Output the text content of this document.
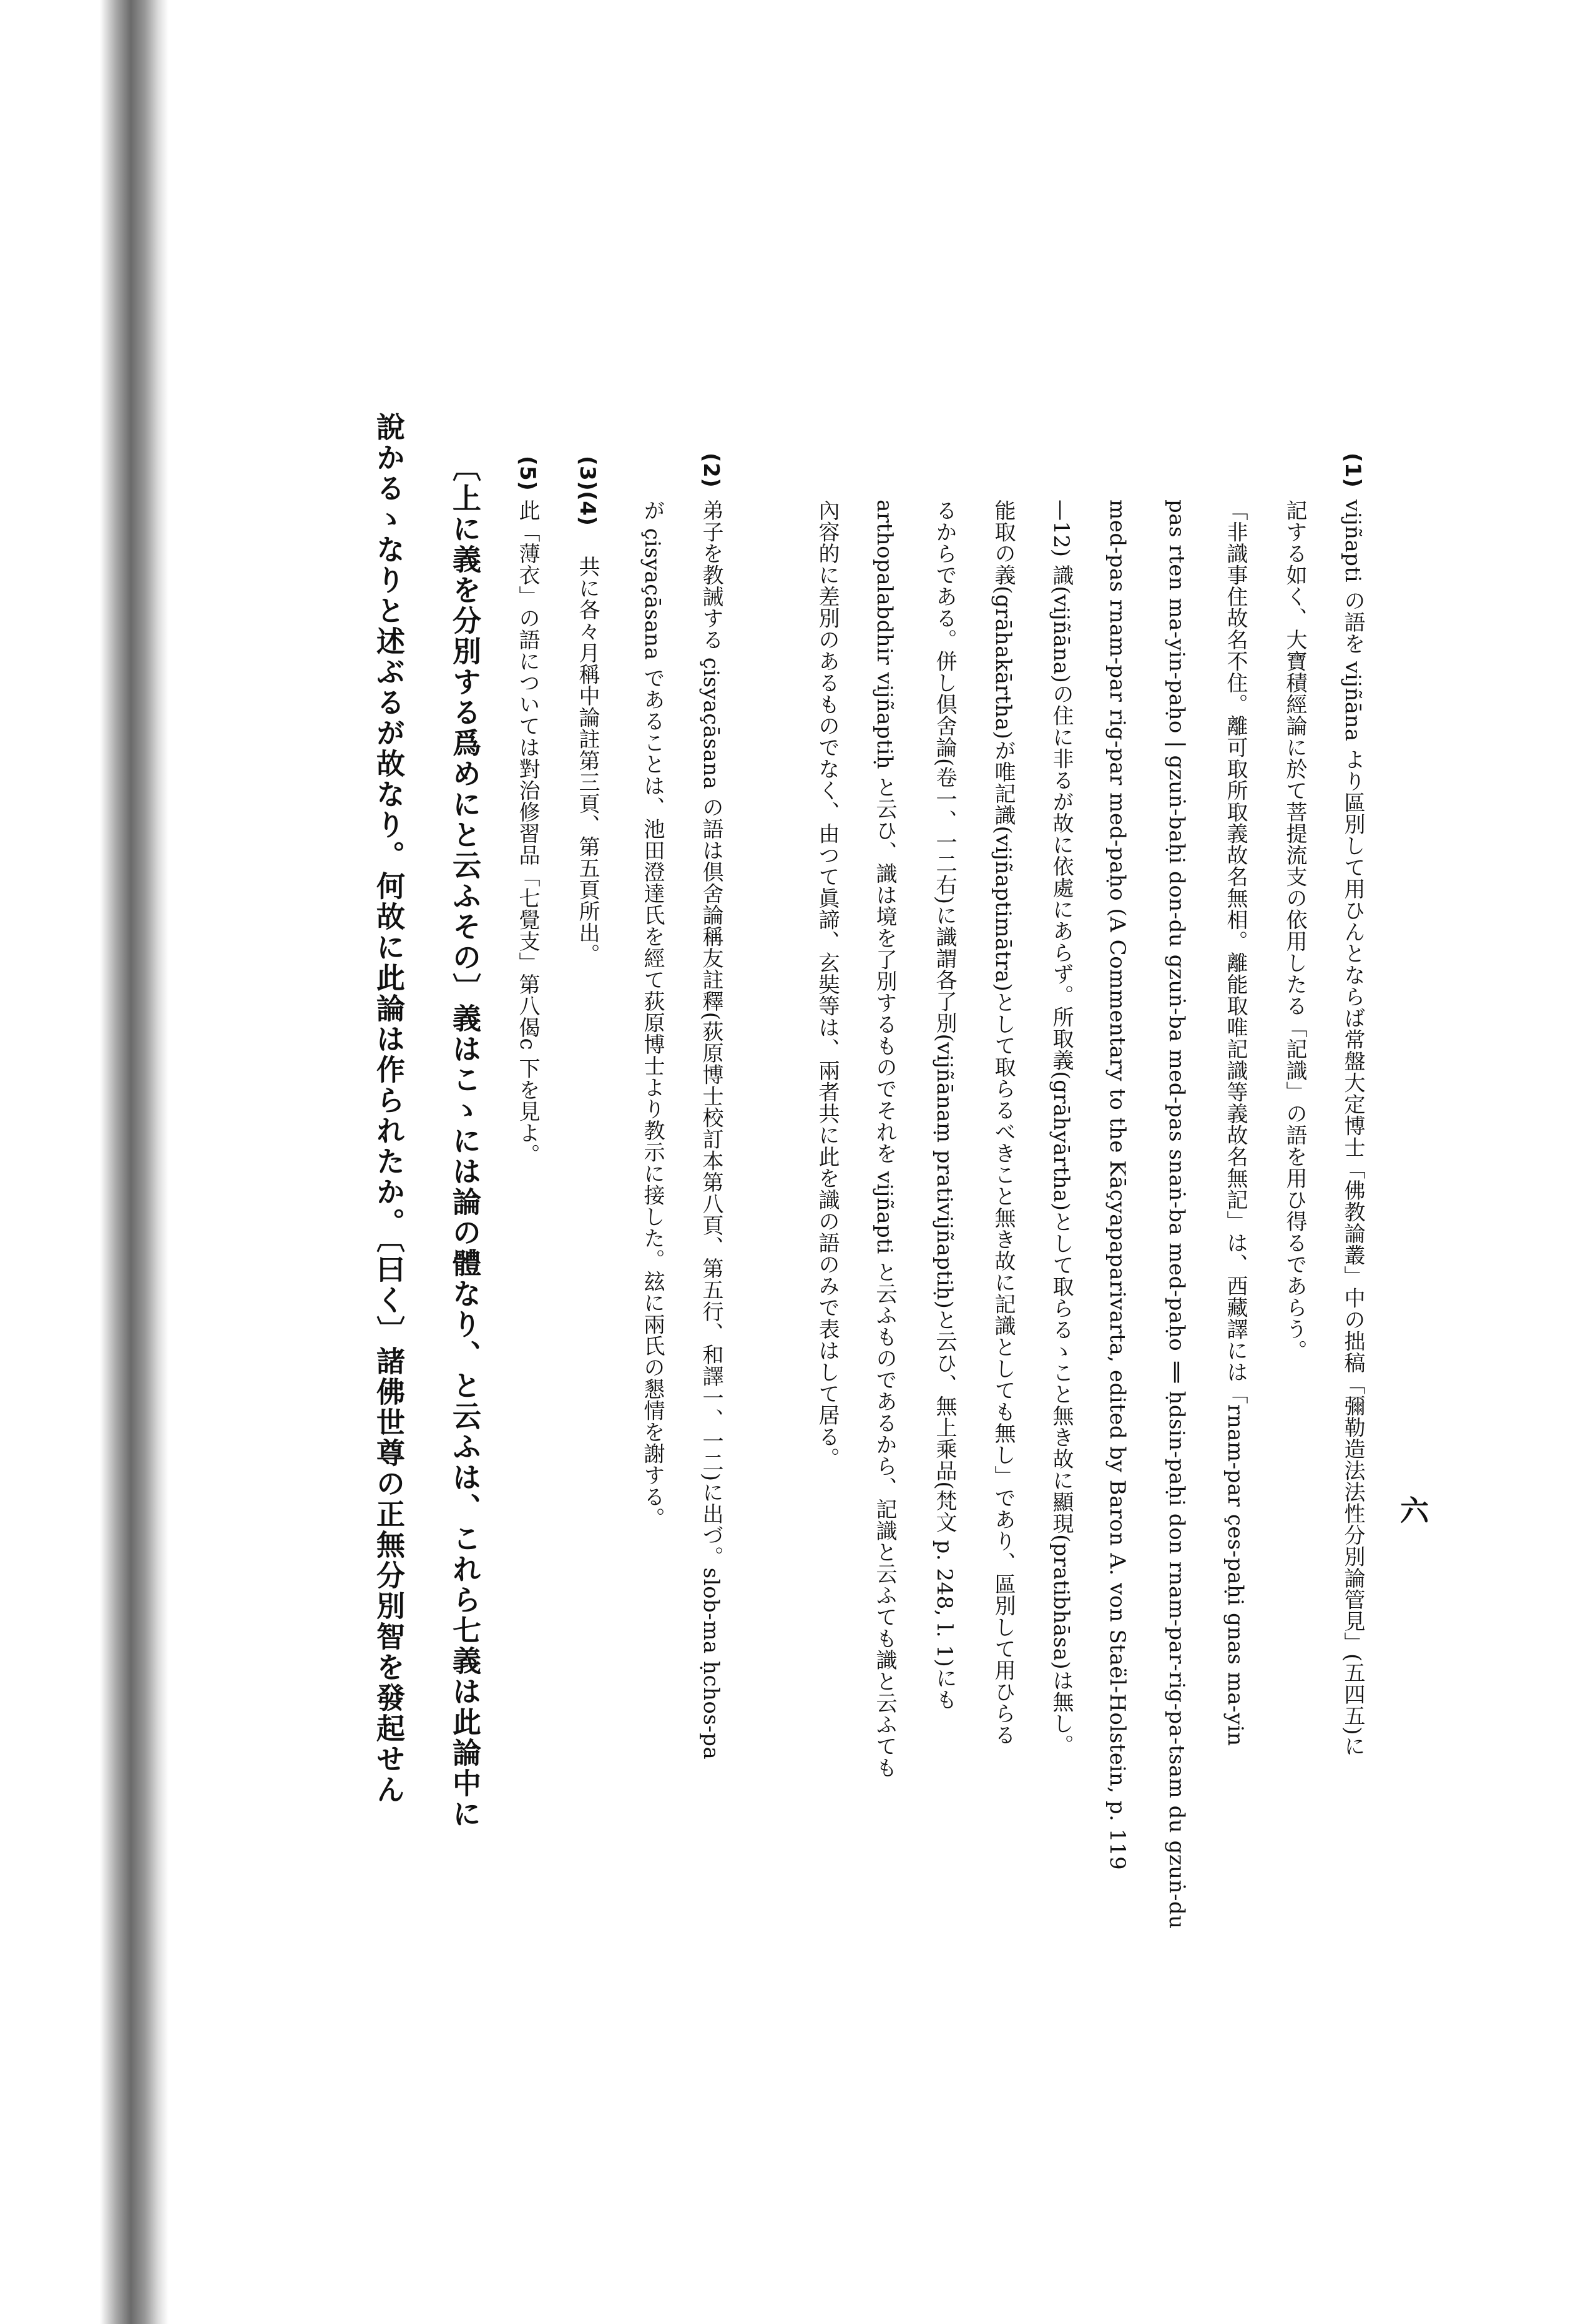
六
(1)
(2)
(3)(4)
(5)
vijñapti の語を vijñāna より區別して用ひんとならば常盤大定博士「佛教論叢」中の拙稿「彌勒造法法性分別論管見」(五四五)に
記する如く、大寶積經論に於て菩提流支の依用したる「記識」の語を用ひ得るであらう。
「非識事住故名不住。離可取所取義故名無相。離能取唯記識等義故名無記」は、西藏譯には「rnam-par çes-paḥi gnas ma-yin
pas rten ma-yin-paḥo | gzuṅ-baḥi don-du gzuṅ-ba med-pas snaṅ-ba med-paḥo ‖ ḥdsin-paḥi don rnam-par-rig-pa-tsam du gzuṅ-du
med-pas rnam-par rig-par med-paḥo (A Commentary to the Kāçyapaparivarta, edited by Baron A. von Staël-Holstein, p. 119
—12) 識(vijñāna)の住に非るが故に依處にあらず。所取義(grāhyārtha)として取らるゝこと無き故に顯現(pratibhāsa)は無し。
能取の義(grāhakārtha)が唯記識(vijñaptimātra)として取らるべきこと無き故に記識としても無し」であり、區別して用ひらる
るからである。併し倶舍論(卷一、一二右)に識謂各了別(vijñānaṃ prativijñaptiḥ)と云ひ、無上乘品(梵文 p. 248, l. 1)にも
arthopalabdhir vijñaptiḥ と云ひ、識は境を了別するものでそれを vijñapti と云ふものであるから、記識と云ふても識と云ふても
內容的に差別のあるものでなく、由つて眞諦、玄奘等は、兩者共に此を識の語のみで表はして居る。
弟子を教誡する çisyaçāsana の語は倶舍論稱友註釋(荻原博士校訂本第八頁、第五行、和譯一、一二)に出づ。slob-ma ḥchos-pa
が çisyaçāsana であることは、池田澄達氏を經て荻原博士より教示に接した。玆に兩氏の懇情を謝する。
共に各々月稱中論註第三頁、第五頁所出。
此「薄衣」の語については對治修習品「七覺支」第八偈c 下を見よ。
〔上に義を分別する爲めにと云ふその〕義はこゝには論の體なり、と云ふは、これら七義は此論中に
說かるゝなりと述ぶるが故なり。何故に此論は作られたか。〔曰く〕諸佛世尊の正無分別智を發起せん
